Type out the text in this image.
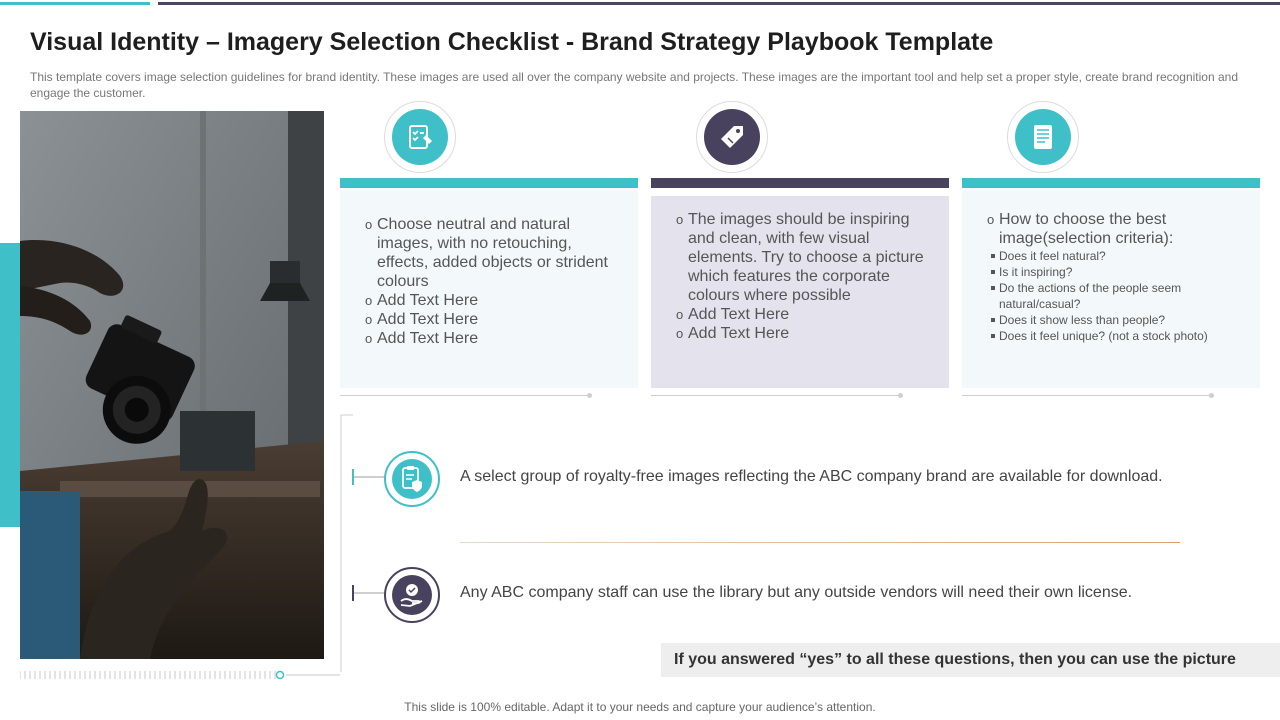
Visual Identity – Imagery Selection Checklist - Brand Strategy Playbook Template
This template covers image selection guidelines for brand identity. These images are used all over the company website and projects. These images are the important tool and help set a proper style, create brand recognition and engage the customer.
o Choose neutral and natural images, with no retouching, effects, added objects or strident colours
o Add Text Here
o Add Text Here
o Add Text Here
o The images should be inspiring and clean, with few visual elements. Try to choose a picture which features the corporate colours where possible
o Add Text Here
o Add Text Here
o How to choose the best image(selection criteria):
Does it feel natural?
Is it inspiring?
Do the actions of the people seem natural/casual?
Does it show less than people?
Does it feel unique? (not a stock photo)
A select group of royalty-free images reflecting the ABC company brand are available for download.
Any ABC company staff can use the library but any outside vendors will need their own license.
If you answered “yes” to all these questions, then you can use the picture
This slide is 100% editable. Adapt it to your needs and capture your audience’s attention.
